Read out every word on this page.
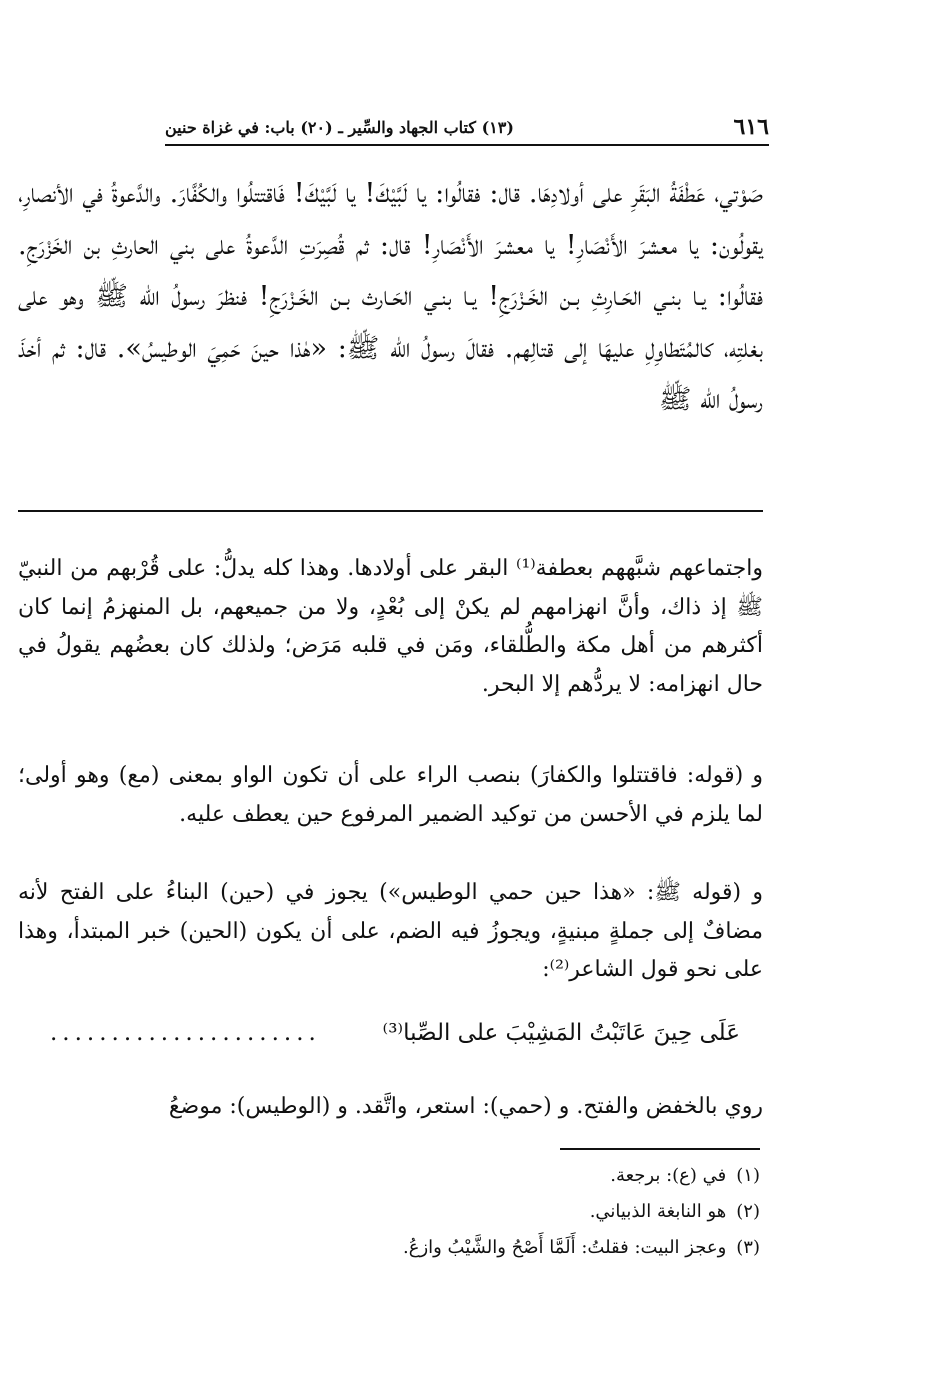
٦١٦
(١٣) كتاب الجهاد والسِّير ـ (٢٠) باب: في غزاة حنين

صَوْتي، عَطْفَةُ البَقَرِ على أولادِهَا. قال: فقالُوا: يا لَبَّيْكَ! يا لَبَّيْكَ! فَاقتتلُوا والكُفَّارَ. والدَّعوةُ في الأنصارِ، يقولُون: يا معشرَ الأَنْصَارِ! يا معشرَ الأَنْصَارِ! قال: ثم قُصِرَتِ الدَّعوةُ على بني الحارثِ بن الخَزْرَجِ. فقالُوا: يـا بنـي الحَـارِثِ بـن الخَـزْرَجِ! يـا بنـي الحَـارث بـن الخَـزْرَجِ! فنظرَ رسولُ الله ﷺ وهو على بغلتِه، كالمُتَطاوِلِ عليهَا إلى قتالِهم. فقالَ رسولُ الله ﷺ: «هٰذا حينَ حَمِيَ الوطيسُ». قال: ثم أخذَ رسولُ الله ﷺ

واجتماعهم شبَّههم بعطفة⁽¹⁾ البقر على أولادها. وهذا كله يدلُّ: على قُرْبهم من النبيّ ﷺ إذ ذاك، وأنَّ انهزامهم لم يكنْ إلى بُعْدٍ، ولا من جميعهم، بل المنهزمُ إنما كان أكثرهم من أهل مكة والطُّلقاء، ومَن في قلبه مَرَض؛ ولذلك كان بعضُهم يقولُ في حال انهزامه: لا يردُّهم إلا البحر.

و (قوله: فاقتتلوا والكفارَ) بنصب الراء على أن تكون الواو بمعنى (مع) وهو أولى؛ لما يلزم في الأحسن من توكيد الضمير المرفوع حين يعطف عليه.

و (قوله ﷺ: «هذا حين حمي الوطيس») يجوز في (حين) البناءُ على الفتح لأنه مضافٌ إلى جملةٍ مبنيةٍ، ويجوزُ فيه الضم، على أن يكون (الحين) خبر المبتدأ، وهذا على نحو قول الشاعر⁽²⁾:

عَلَى حِينَ عَاتَبْتُ المَشِيْبَ على الصِّبا⁽³⁾
......................

روي بالخفض والفتح. و (حمي): استعر، واتَّقد. و (الوطيس): موضعُ

(١)
في (ع): برجعة.
(٢)
هو النابغة الذبياني.
(٣)
وعجز البيت: فقلتُ: أَلَمَّا أَصْحُ والشَّيْبُ وازعُ.
